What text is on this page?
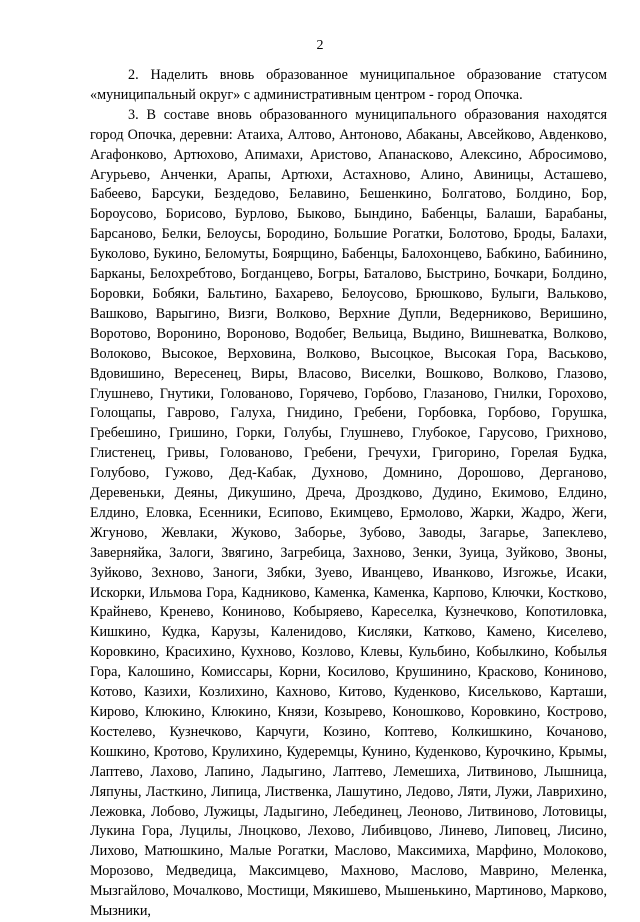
2

2. Наделить вновь образованное муниципальное образование статусом «муниципальный округ» с административным центром - город Опочка.

3. В составе вновь образованного муниципального образования находятся город Опочка, деревни: Атаиха, Алтово, Антоново, Абаканы, Авсейково, Авденково, Агафонково, Артюхово, Апимахи, Аристово, Апанасково, Алексино, Абросимово, Агурьево, Анченки, Арапы, Артюхи, Астахново, Алино, Авиницы, Асташево, Бабеево, Барсуки, Бездедово, Белавино, Бешенкино, Болгатово, Болдино, Бор, Бороусово, Борисово, Бурлово, Быково, Бындино, Бабенцы, Балаши, Барабаны, Барсаново, Белки, Белоусы, Бородино, Большие Рогатки, Болотово, Броды, Балахи, Буколово, Букино, Беломуты, Боярщино, Бабенцы, Балохонцево, Бабкино, Бабинино, Барканы, Белохребтово, Богданцево, Богры, Баталово, Быстрино, Бочкари, Болдино, Боровки, Бобяки, Бальтино, Бахарево, Белоусово, Брюшково, Булыги, Вальково, Вашково, Варыгино, Визги, Волково, Верхние Дупли, Ведерниково, Веришино, Воротово, Воронино, Вороново, Водобег, Вельица, Выдино, Вишневатка, Волково, Волоково, Высокое, Верховина, Волково, Высоцкое, Высокая Гора, Васьково, Вдовишино, Вересенец, Виры, Власово, Виселки, Вошково, Волково, Глазово, Глушнево, Гнутики, Голованово, Горячево, Горбово, Глазаново, Гнилки, Горохово, Голощапы, Гаврово, Галуха, Гнидино, Гребени, Горбовка, Горбово, Горушка, Гребешино, Гришино, Горки, Голубы, Глушнево, Глубокое, Гарусово, Грихново, Глистенец, Гривы, Голованово, Гребени, Гречухи, Григорино, Горелая Будка, Голубово, Гужово, Дед-Кабак, Духново, Домнино, Дорошово, Дерганово, Деревеньки, Деяны, Дикушино, Дреча, Дроздково, Дудино, Екимово, Елдино, Елдино, Еловка, Есенники, Есипово, Екимцево, Ермолово, Жарки, Жадро, Жеги, Жгуново, Жевлаки, Жуково, Заборье, Зубово, Заводы, Загарье, Запеклево, Заверняйка, Залоги, Звягино, Загребица, Захново, Зенки, Зуица, Зуйково, Звоны, Зуйково, Зехново, Заноги, Зябки, Зуево, Иванцево, Иванково, Изгожье, Исаки, Искорки, Ильмова Гора, Кадниково, Каменка, Каменка, Карпово, Ключки, Костково, Крайнево, Кренево, Кониново, Кобыряево, Кареселка, Кузнечково, Копотиловка, Кишкино, Кудка, Карузы, Каленидово, Кисляки, Катково, Камено, Киселево, Коровкино, Красихино, Кухново, Козлово, Клевы, Кульбино, Кобылкино, Кобылья Гора, Калошино, Комиссары, Корни, Косилово, Крушинино, Красково, Кониново, Котово, Казихи, Козлихино, Кахново, Китово, Куденково, Кисельково, Карташи, Кирово, Клюкино, Клюкино, Князи, Козырево, Коношково, Коровкино, Кострово, Костелево, Кузнечково, Карчуги, Козино, Коптево, Колкишкино, Кочаново, Кошкино, Кротово, Крулихино, Кудеремцы, Кунино, Куденково, Курочкино, Крымы, Лаптево, Лахово, Лапино, Ладыгино, Лаптево, Лемешиха, Литвиново, Лышница, Ляпуны, Ласткино, Липица, Лиственка, Лашутино, Ледово, Ляти, Лужи, Лаврихино, Лежовка, Лобово, Лужицы, Ладыгино, Лебединец, Леоново, Литвиново, Лотовицы, Лукина Гора, Луцилы, Лноцково, Лехово, Либивцово, Линево, Липовец, Лисино, Лихово, Матюшкино, Малые Рогатки, Маслово, Максимиха, Марфино, Молоково, Морозово, Медведица, Максимцево, Махново, Маслово, Маврино, Меленка, Мызгайлово, Мочалково, Мостищи, Мякишево, Мышенькино, Мартиново, Марково, Мызники,
